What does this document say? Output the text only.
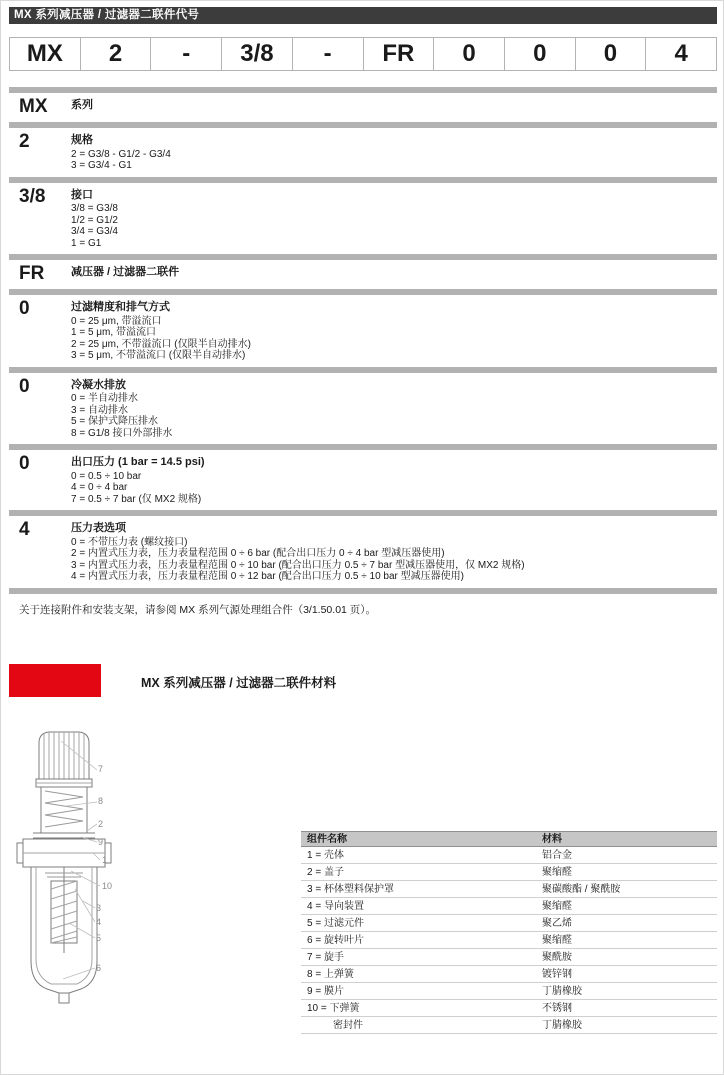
MX 系列减压器 / 过滤器二联件代号
MX	2	-	3/8	-	FR	0	0	0	4
MX	系列
2	规格
2 = G3/8 - G1/2 - G3/4
3 = G3/4 - G1
3/8	接口
3/8 = G3/8
1/2 = G1/2
3/4 = G3/4
1 = G1
FR	减压器 / 过滤器二联件
0	过滤精度和排气方式
0 = 25 μm, 带溢流口
1 = 5 μm, 带溢流口
2 = 25 μm, 不带溢流口 (仅限半自动排水)
3 = 5 μm, 不带溢流口 (仅限半自动排水)
0	冷凝水排放
0 = 半自动排水
3 = 自动排水
5 = 保护式降压排水
8 = G1/8 接口外部排水
0	出口压力 (1 bar = 14.5 psi)
0 = 0.5 ÷ 10 bar
4 = 0 ÷ 4 bar
7 = 0.5 ÷ 7 bar (仅 MX2 规格)
4	压力表选项
0 = 不带压力表 (螺纹接口)
2 = 内置式压力表，压力表量程范围 0 ÷ 6 bar (配合出口压力 0 ÷ 4 bar 型减压器使用)
3 = 内置式压力表，压力表量程范围 0 ÷ 10 bar (配合出口压力 0.5 ÷ 7 bar 型减压器使用，仅 MX2 规格)
4 = 内置式压力表，压力表量程范围 0 ÷ 12 bar (配合出口压力 0.5 ÷ 10 bar 型减压器使用)
关于连接附件和安装支架，请参阅 MX 系列气源处理组合件（3/1.50.01 页）。
MX 系列减压器 / 过滤器二联件材料
7
8
2
9
1
10
3
4
5
6
组件名称	材料
1 = 壳体	铝合金
2 = 盖子	聚缩醛
3 = 杯体塑料保护罩	聚碳酸酯 / 聚酰胺
4 = 导向装置	聚缩醛
5 = 过滤元件	聚乙烯
6 = 旋转叶片	聚缩醛
7 = 旋手	聚酰胺
8 = 上弹簧	镀锌钢
9 = 膜片	丁腈橡胶
10 = 下弹簧	不锈钢
密封件	丁腈橡胶
